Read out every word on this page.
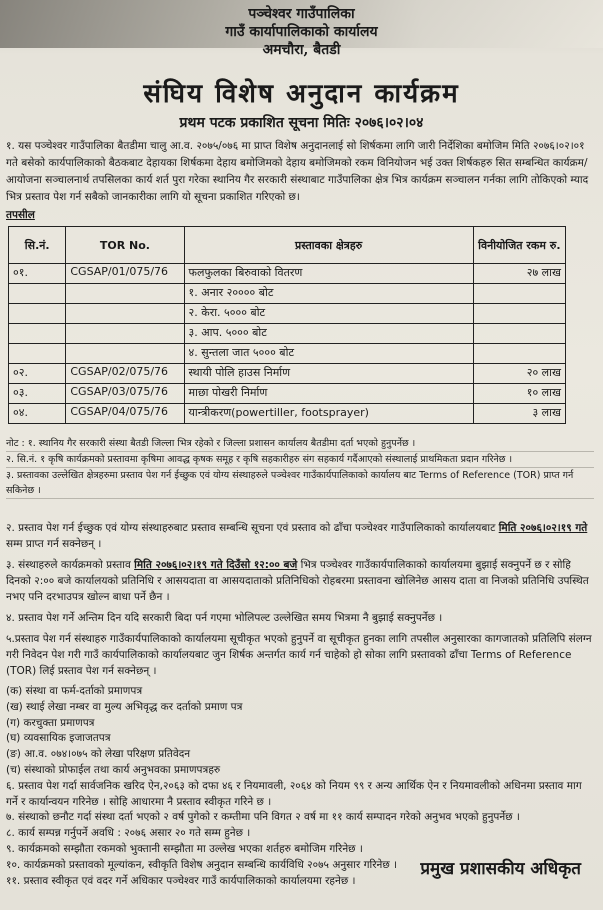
पञ्चेश्वर गाउँपालिका
गाउँ कार्यापालिकाको कार्यालय
अमचौरा, बैतडी
संघिय विशेष अनुदान कार्यक्रम
प्रथम पटक प्रकाशित सूचना मितिः २०७६।०२।०४
१. यस पञ्चेश्वर गाउँपालिका बैतडीमा चालु आ.व. २०७५/०७६ मा प्राप्त विशेष अनुदानलाई सो शिर्षकमा लागि जारी निर्देशिका बमोजिम मिति २०७६।०२।०१ गते बसेको कार्यपालिकाको बैठकबाट देहायका शिर्षकमा देहाय बमोजिमको देहाय बमोजिमको रकम विनियोजन भई उक्त शिर्षकहरु सित सम्बन्धित कार्यक्रम/आयोजना सञ्चालनार्थ तपसिलका कार्य शर्त पुरा गरेका स्थानिय गैर सरकारी संस्थाबाट गाउँपालिका क्षेत्र भित्र कार्यक्रम सञ्चालन गर्नका लागि तोकिएको म्याद भित्र प्रस्ताव पेश गर्न सबैको जानकारीका लागि यो सूचना प्रकाशित गरिएको छ।
तपसील
सि.नं.	TOR No.	प्रस्तावका क्षेत्रहरु	विनीयोजित रकम रु.
०१.	CGSAP/01/075/76	फलफुलका बिरुवाको वितरण	२७ लाख
		१. अनार २०००० बोट	
		२. केरा. ५००० बोट	
		३. आप. ५००० बोट	
		४. सुन्तला जात ५००० बोट	
०२.	CGSAP/02/075/76	स्थायी पोलि हाउस निर्माण	२० लाख
०३.	CGSAP/03/075/76	माछा पोखरी निर्माण	१० लाख
०४.	CGSAP/04/075/76	यान्त्रीकरण(powertiller, footsprayer)	३ लाख
नोट : १. स्थानिय गैर सरकारी संस्था बैतडी जिल्ला भित्र रहेको र जिल्ला प्रशासन कार्यालय बैतडीमा दर्ता भएको हुनुपर्नेछ ।
२. सि.नं. १ कृषि कार्यक्रमको प्रस्तावमा कृषिमा आवद्ध कृषक समूह र कृषि सहकारीहरु संग सहकार्य गर्दैआएको संस्थालाई प्राथमिकता प्रदान गरिनेछ ।
३. प्रस्तावका उल्लेखित क्षेत्रहरुमा प्रस्ताव पेश गर्न ईच्छुक एवं योग्य संस्थाहरुले पञ्चेश्वर गाउँकार्यपालिकाको कार्यालय बाट Terms of Reference (TOR) प्राप्त गर्न सकिनेछ ।
२. प्रस्ताव पेश गर्न ईच्छुक एवं योग्य संस्थाहरुबाट प्रस्ताव सम्बन्धि सूचना एवं प्रस्ताव को ढाँचा पञ्चेश्वर गाउँपालिकाको कार्यालयबाट मिति २०७६।०२।१९ गते सम्म प्राप्त गर्न सक्नेछन् ।
३. संस्थाहरुले कार्यक्रमको प्रस्ताव मिति २०७६।०२।१९ गते दिउँसो १२:०० बजे भित्र पञ्चेश्वर गाउँकार्यपालिकाको कार्यालयमा बुझाई सक्नुपर्ने छ र सोहि दिनको २:०० बजे कार्यालयको प्रतिनिधि र आसयदाता वा आसयदाताको प्रतिनिधिको रोहबरमा प्रस्तावना खोलिनेछ आसय दाता वा निजको प्रतिनिधि उपस्थित नभए पनि दरभाउपत्र खोल्न बाधा पर्ने छैन ।
४. प्रस्ताव पेश गर्ने अन्तिम दिन यदि सरकारी बिदा पर्न गएमा भोलिपल्ट उल्लेखित समय भित्रमा नै बुझाई सक्नुपर्नेछ ।
५.प्रस्ताव पेश गर्न संस्थाहरु गाउँकार्यपालिकाको कार्यालयमा सूचीकृत भएको हुनुपर्ने वा सूचीकृत हुनका लागि तपसील अनुसारका कागजातको प्रतिलिपि संलग्न गरी निवेदन पेश गरी गाउँ कार्यपालिकाको कार्यालयबाट जुन शिर्षक अन्तर्गत कार्य गर्न चाहेको हो सोका लागि प्रस्तावको ढाँचा Terms of Reference (TOR) लिई प्रस्ताव पेश गर्न सक्नेछन् ।
(क) संस्था वा फर्म-दर्ताको प्रमाणपत्र
(ख) स्थाई लेखा नम्बर वा मुल्य अभिवृद्ध कर दर्ताको प्रमाण पत्र
(ग) करचुक्ता प्रमाणपत्र
(घ) व्यवसायिक इजाजतपत्र
(ङ) आ.व. ०७४।०७५ को लेखा परिक्षण प्रतिवेदन
(च) संस्थाको प्रोफाईल तथा कार्य अनुभवका प्रमाणपत्रहरु
६. प्रस्ताव पेश गर्दा सार्वजनिक खरिद ऐन,२०६३ को दफा ४६ र नियमावली, २०६४ को नियम ९९ र अन्य आर्थिक ऐन र नियमावलीको अधिनमा प्रस्ताव माग गर्ने र कार्यान्वयन गरिनेछ । सोहि आधारमा नै प्रस्ताव स्वीकृत गरिने छ ।
७. संस्थाको छनौट गर्दा संस्था दर्ता भएको २ वर्ष पुगेको र कम्तीमा पनि विगत २ वर्ष मा ११ कार्य सम्पादन गरेको अनुभव भएको हुनुपर्नेछ ।
८. कार्य सम्पन्न गर्नुपर्ने अवधि : २०७६ असार २० गते सम्म हुनेछ ।
९. कार्यक्रमको सम्झौता रकमको भुक्तानी सम्झौता मा उल्लेख भएका शर्तहरु बमोजिम गरिनेछ ।
१०. कार्यक्रमको प्रस्तावको मूल्यांकन, स्वीकृति विशेष अनुदान सम्बन्धि कार्यविधि २०७५ अनुसार गरिनेछ ।
११. प्रस्ताव स्वीकृत एवं वदर गर्ने अधिकार पञ्चेश्वर गाउँ कार्यपालिकाको कार्यालयमा रहनेछ ।
प्रमुख प्रशासकीय अधिकृत
